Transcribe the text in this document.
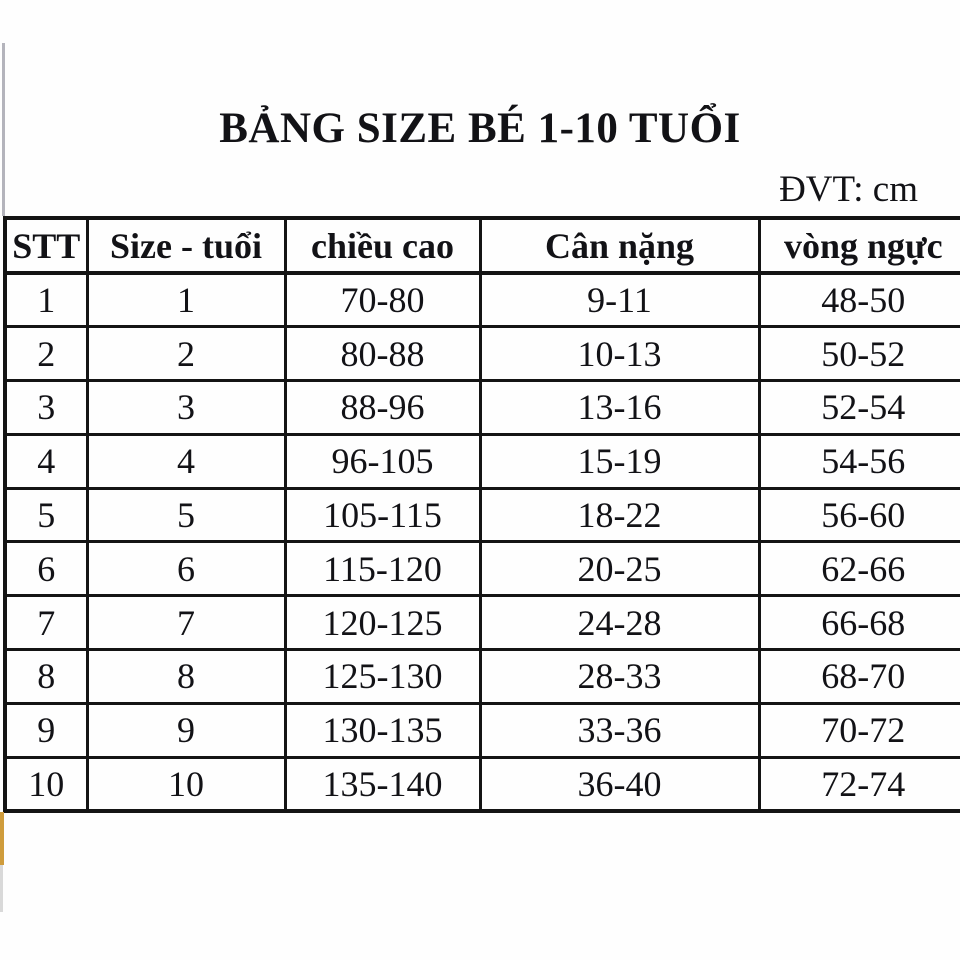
BẢNG SIZE BÉ 1-10 TUỔI
ĐVT: cm
STT	Size - tuổi	chiều cao	Cân nặng	vòng ngực
1	1	70-80	9-11	48-50
2	2	80-88	10-13	50-52
3	3	88-96	13-16	52-54
4	4	96-105	15-19	54-56
5	5	105-115	18-22	56-60
6	6	115-120	20-25	62-66
7	7	120-125	24-28	66-68
8	8	125-130	28-33	68-70
9	9	130-135	33-36	70-72
10	10	135-140	36-40	72-74
